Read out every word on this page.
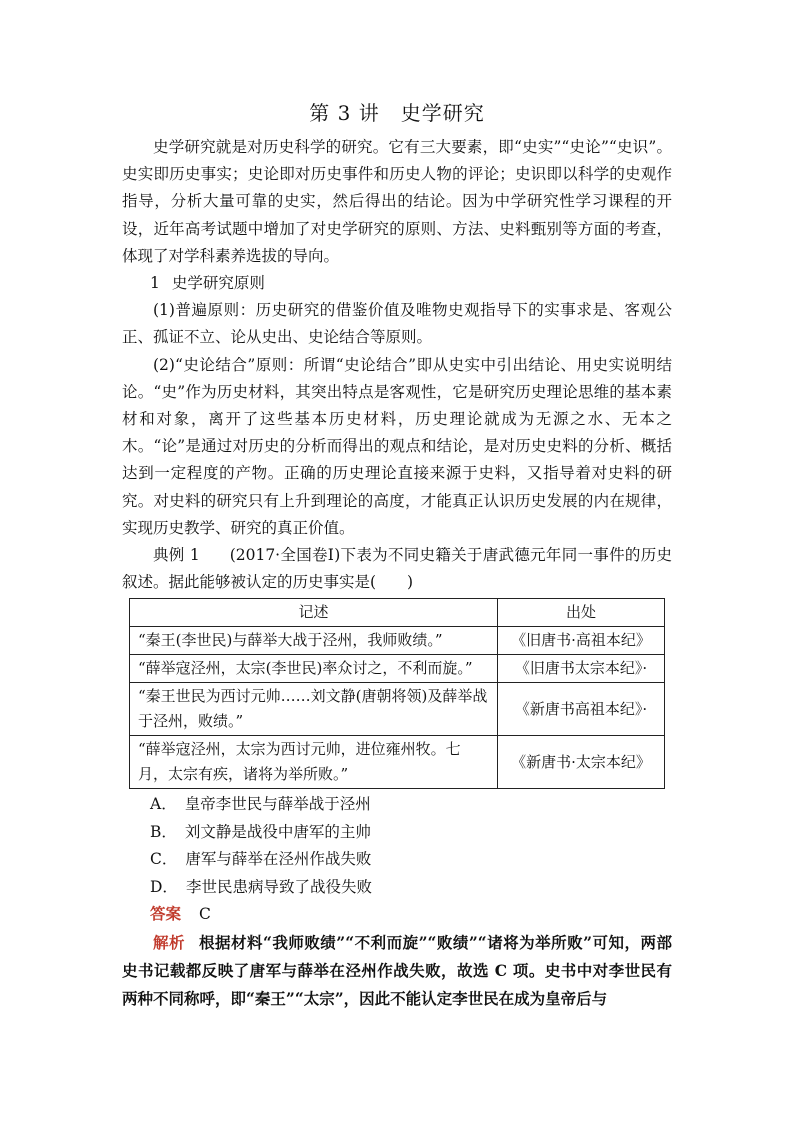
第 3 讲　史学研究

史学研究就是对历史科学的研究。它有三大要素，即“史实”“史论”“史识”。史实即历史事实；史论即对历史事件和历史人物的评论；史识即以科学的史观作指导，分析大量可靠的史实，然后得出的结论。因为中学研究性学习课程的开设，近年高考试题中增加了对史学研究的原则、方法、史料甄别等方面的考查，体现了对学科素养选拔的导向。

1 史学研究原则

(1)普遍原则：历史研究的借鉴价值及唯物史观指导下的实事求是、客观公正、孤证不立、论从史出、史论结合等原则。

(2)“史论结合”原则：所谓“史论结合”即从史实中引出结论、用史实说明结论。“史”作为历史材料，其突出特点是客观性，它是研究历史理论思维的基本素材和对象，离开了这些基本历史材料，历史理论就成为无源之水、无本之木。“论”是通过对历史的分析而得出的观点和结论，是对历史史料的分析、概括达到一定程度的产物。正确的历史理论直接来源于史料，又指导着对史料的研究。对史料的研究只有上升到理论的高度，才能真正认识历史发展的内在规律，实现历史教学、研究的真正价值。

典例 1 (2017·全国卷Ⅰ)下表为不同史籍关于唐武德元年同一事件的历史叙述。据此能够被认定的历史事实是(　　)

记述	出处
“秦王(李世民)与薛举大战于泾州，我师败绩。”	《旧唐书·高祖本纪》
“薛举寇泾州，太宗(李世民)率众讨之，不利而旋。”	《旧唐书太宗本纪》·
“秦王世民为西讨元帅……刘文静(唐朝将领)及薛举战于泾州，败绩。”	《新唐书高祖本纪》·
“薛举寇泾州，太宗为西讨元帅，进位雍州牧。七月，太宗有疾，诸将为举所败。”	《新唐书·太宗本纪》
A． 皇帝李世民与薛举战于泾州
B． 刘文静是战役中唐军的主帅
C． 唐军与薛举在泾州作战失败
D． 李世民患病导致了战役失败

答案 C

解析 根据材料“我师败绩”“不利而旋”“败绩”“诸将为举所败”可知，两部史书记载都反映了唐军与薛举在泾州作战失败，故选 C 项。史书中对李世民有两种不同称呼，即“秦王”“太宗”，因此不能认定李世民在成为皇帝后与
